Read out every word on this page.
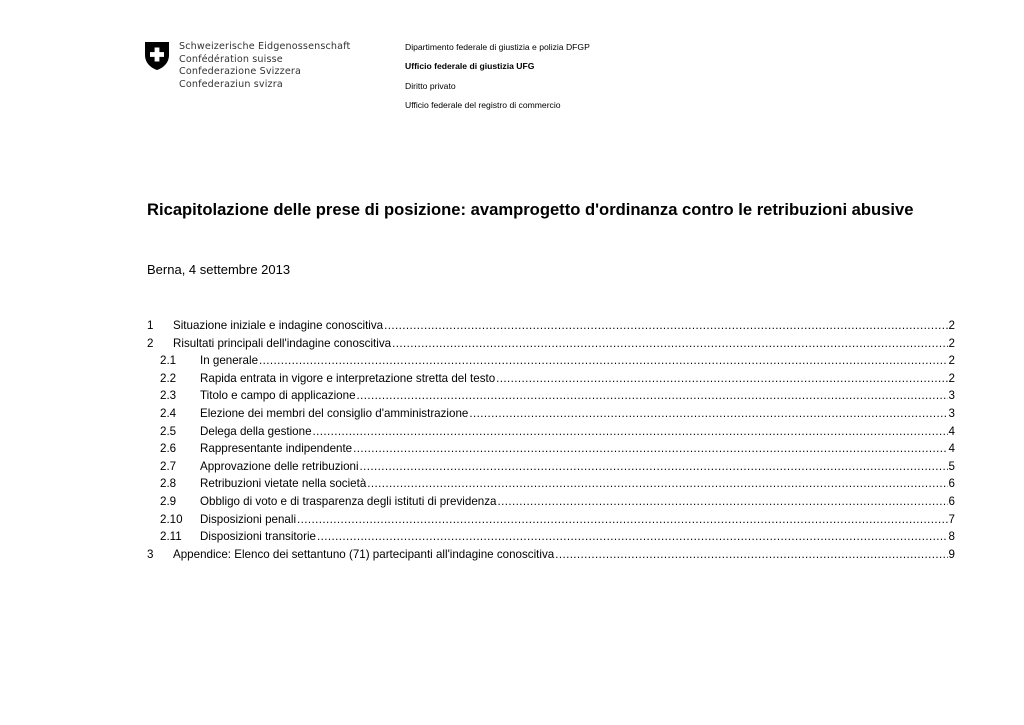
Schweizerische Eidgenossenschaft
Confédération suisse
Confederazione Svizzera
Confederaziun svizra
Dipartimento federale di giustizia e polizia DFGP
Ufficio federale di giustizia UFG
Diritto privato
Ufficio federale del registro di commercio
Ricapitolazione delle prese di posizione: avamprogetto d'ordinanza contro le retribuzioni abusive
Berna, 4 settembre 2013
1	Situazione iniziale e indagine conoscitiva .....	2
2	Risultati principali dell'indagine conoscitiva .....	2
2.1	In generale .....	2
2.2	Rapida entrata in vigore e interpretazione stretta del testo .....	2
2.3	Titolo e campo di applicazione .....	3
2.4	Elezione dei membri del consiglio d'amministrazione .....	3
2.5	Delega della gestione .....	4
2.6	Rappresentante indipendente .....	4
2.7	Approvazione delle retribuzioni .....	5
2.8	Retribuzioni vietate nella società .....	6
2.9	Obbligo di voto e di trasparenza degli istituti di previdenza .....	6
2.10	Disposizioni penali .....	7
2.11	Disposizioni transitorie .....	8
3	Appendice: Elenco dei settantuno (71) partecipanti all'indagine conoscitiva .....	9
